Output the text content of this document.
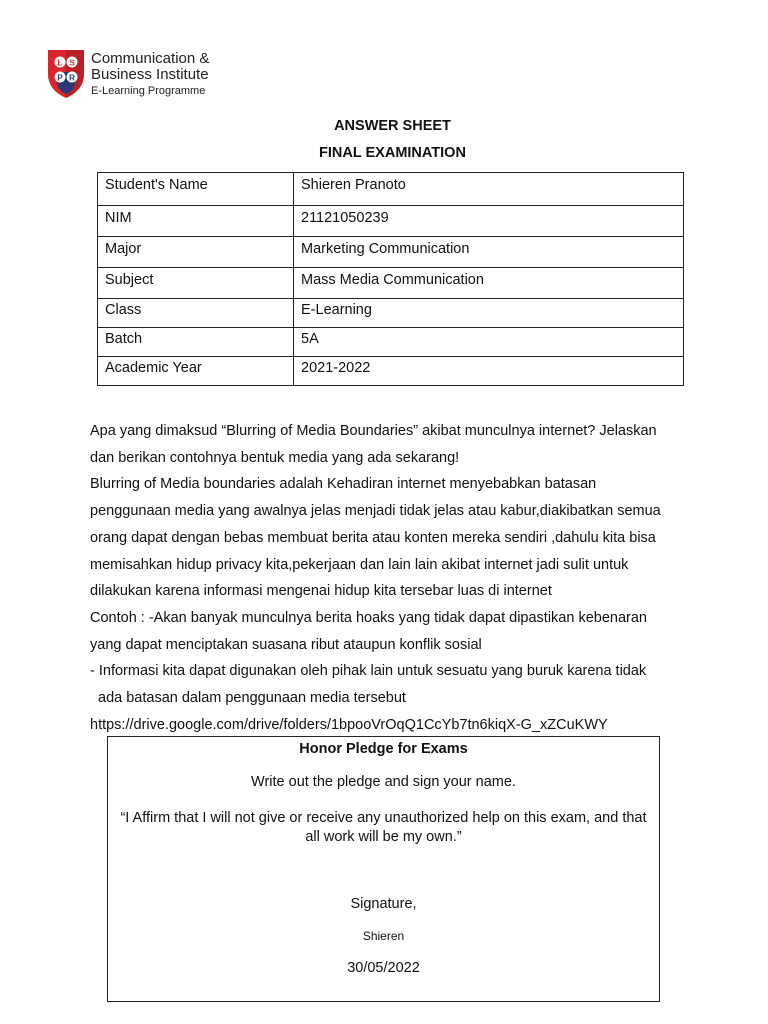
L S
P R
Communication &
Business Institute
E-Learning Programme
ANSWER SHEET
FINAL EXAMINATION
Student's Name	Shieren Pranoto
NIM	21121050239
Major	Marketing Communication
Subject	Mass Media Communication
Class	E-Learning
Batch	5A
Academic Year	2021-2022

Apa yang dimaksud “Blurring of Media Boundaries” akibat munculnya internet? Jelaskan

dan berikan contohnya bentuk media yang ada sekarang!

Blurring of Media boundaries adalah Kehadiran internet menyebabkan batasan

penggunaan media yang awalnya jelas menjadi tidak jelas atau kabur,diakibatkan semua

orang dapat dengan bebas membuat berita atau konten mereka sendiri ,dahulu kita bisa

memisahkan hidup privacy kita,pekerjaan dan lain lain akibat internet jadi sulit untuk

dilakukan karena informasi mengenai hidup kita tersebar luas di internet

Contoh : -Akan banyak munculnya berita hoaks yang tidak dapat dipastikan kebenaran

yang dapat menciptakan suasana ribut ataupun konflik sosial

- Informasi kita dapat digunakan oleh pihak lain untuk sesuatu yang buruk karena tidak

ada batasan dalam penggunaan media tersebut

https://drive.google.com/drive/folders/1bpooVrOqQ1CcYb7tn6kiqX-G_xZCuKWY

Honor Pledge for Exams
Write out the pledge and sign your name.
“I Affirm that I will not give or receive any unauthorized help on this exam, and that all work will be my own.”
Signature,
Shieren
30/05/2022
